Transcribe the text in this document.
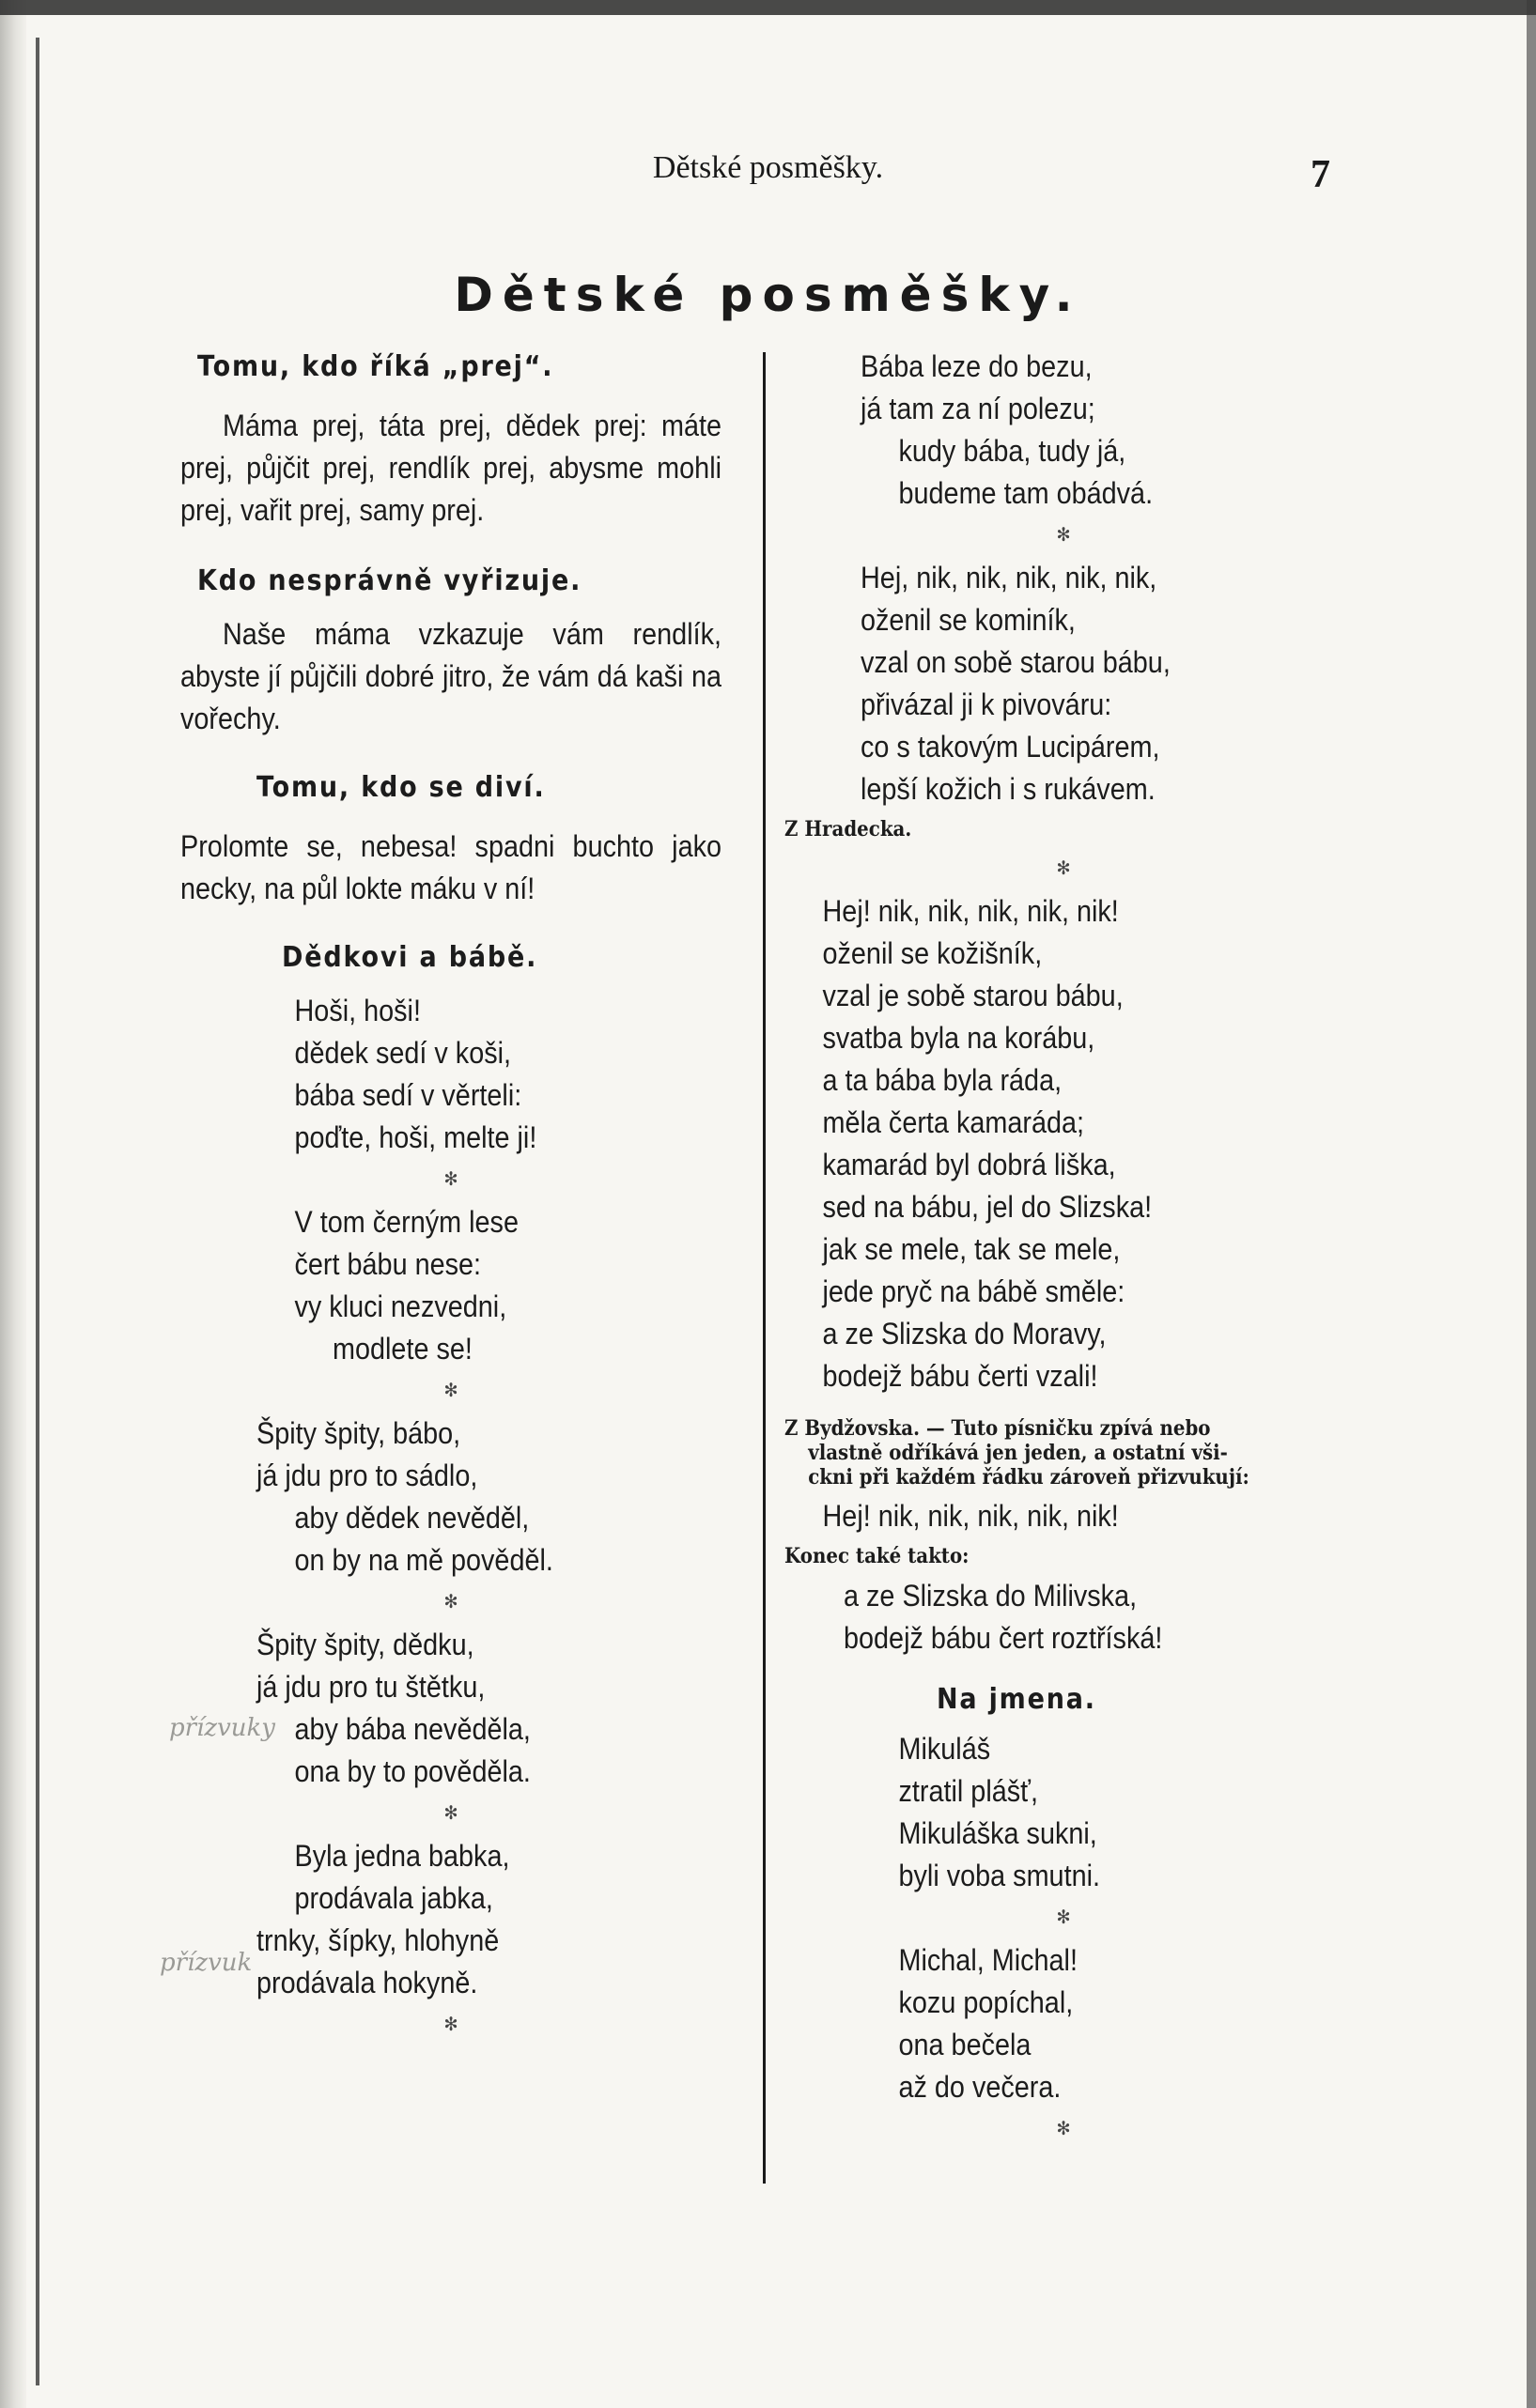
Dětské posměšky.	7
Dětské posměšky.
Tomu, kdo říká „prej“.

Máma prej, táta prej, dědek prej: máte prej, půjčit prej, rendlík prej, abysme mohli prej, vařit prej, samy prej.

Kdo nesprávně vyřizuje.

Naše máma vzkazuje vám rendlík, abyste jí půjčili dobré jitro, že vám dá kaši na vořechy.

Tomu, kdo se diví.

Prolomte se, nebesa! spadni buchto jako necky, na půl lokte máku v ní!

Dědkovi a bábě.
Hoši, hoši!
dědek sedí v koši,
bába sedí v věrteli:
poďte, hoši, melte ji!
✻
V tom černým lese
čert bábu nese:
vy kluci nezvedni,
modlete se!
✻
Špity špity, bábo,
já jdu pro to sádlo,
aby dědek nevěděl,
on by na mě pověděl.
✻
Špity špity, dědku,
já jdu pro tu štětku,
aby bába nevěděla,
ona by to pověděla.
✻
Byla jedna babka,
prodávala jabka,
trnky, šípky, hlohyně
prodávala hokyně.
✻
Bába leze do bezu,
já tam za ní polezu;
kudy bába, tudy já,
budeme tam obádvá.
✻
Hej, nik, nik, nik, nik, nik,
oženil se kominík,
vzal on sobě starou bábu,
přivázal ji k pivováru:
co s takovým Lucipárem,
lepší kožich i s rukávem.
Z Hradecka.
✻
Hej! nik, nik, nik, nik, nik!
oženil se kožišník,
vzal je sobě starou bábu,
svatba byla na korábu,
a ta bába byla ráda,
měla čerta kamaráda;
kamarád byl dobrá liška,
sed na bábu, jel do Slizska!
jak se mele, tak se mele,
jede pryč na bábě směle:
a ze Slizska do Moravy,
bodejž bábu čerti vzali!
Z Bydžovska. — Tuto písničku zpívá nebo
vlastně odříkává jen jeden, a ostatní vši-
ckni při každém řádku zároveň přizvukují:
Hej! nik, nik, nik, nik, nik!
Konec také takto:
a ze Slizska do Milivska,
bodejž bábu čert roztříská!
Na jmena.
Mikuláš
ztratil plášť,
Mikuláška sukni,
byli voba smutni.
✻
Michal, Michal!
kozu popíchal,
ona bečela
až do večera.
✻
přízvuky
přízvuk
